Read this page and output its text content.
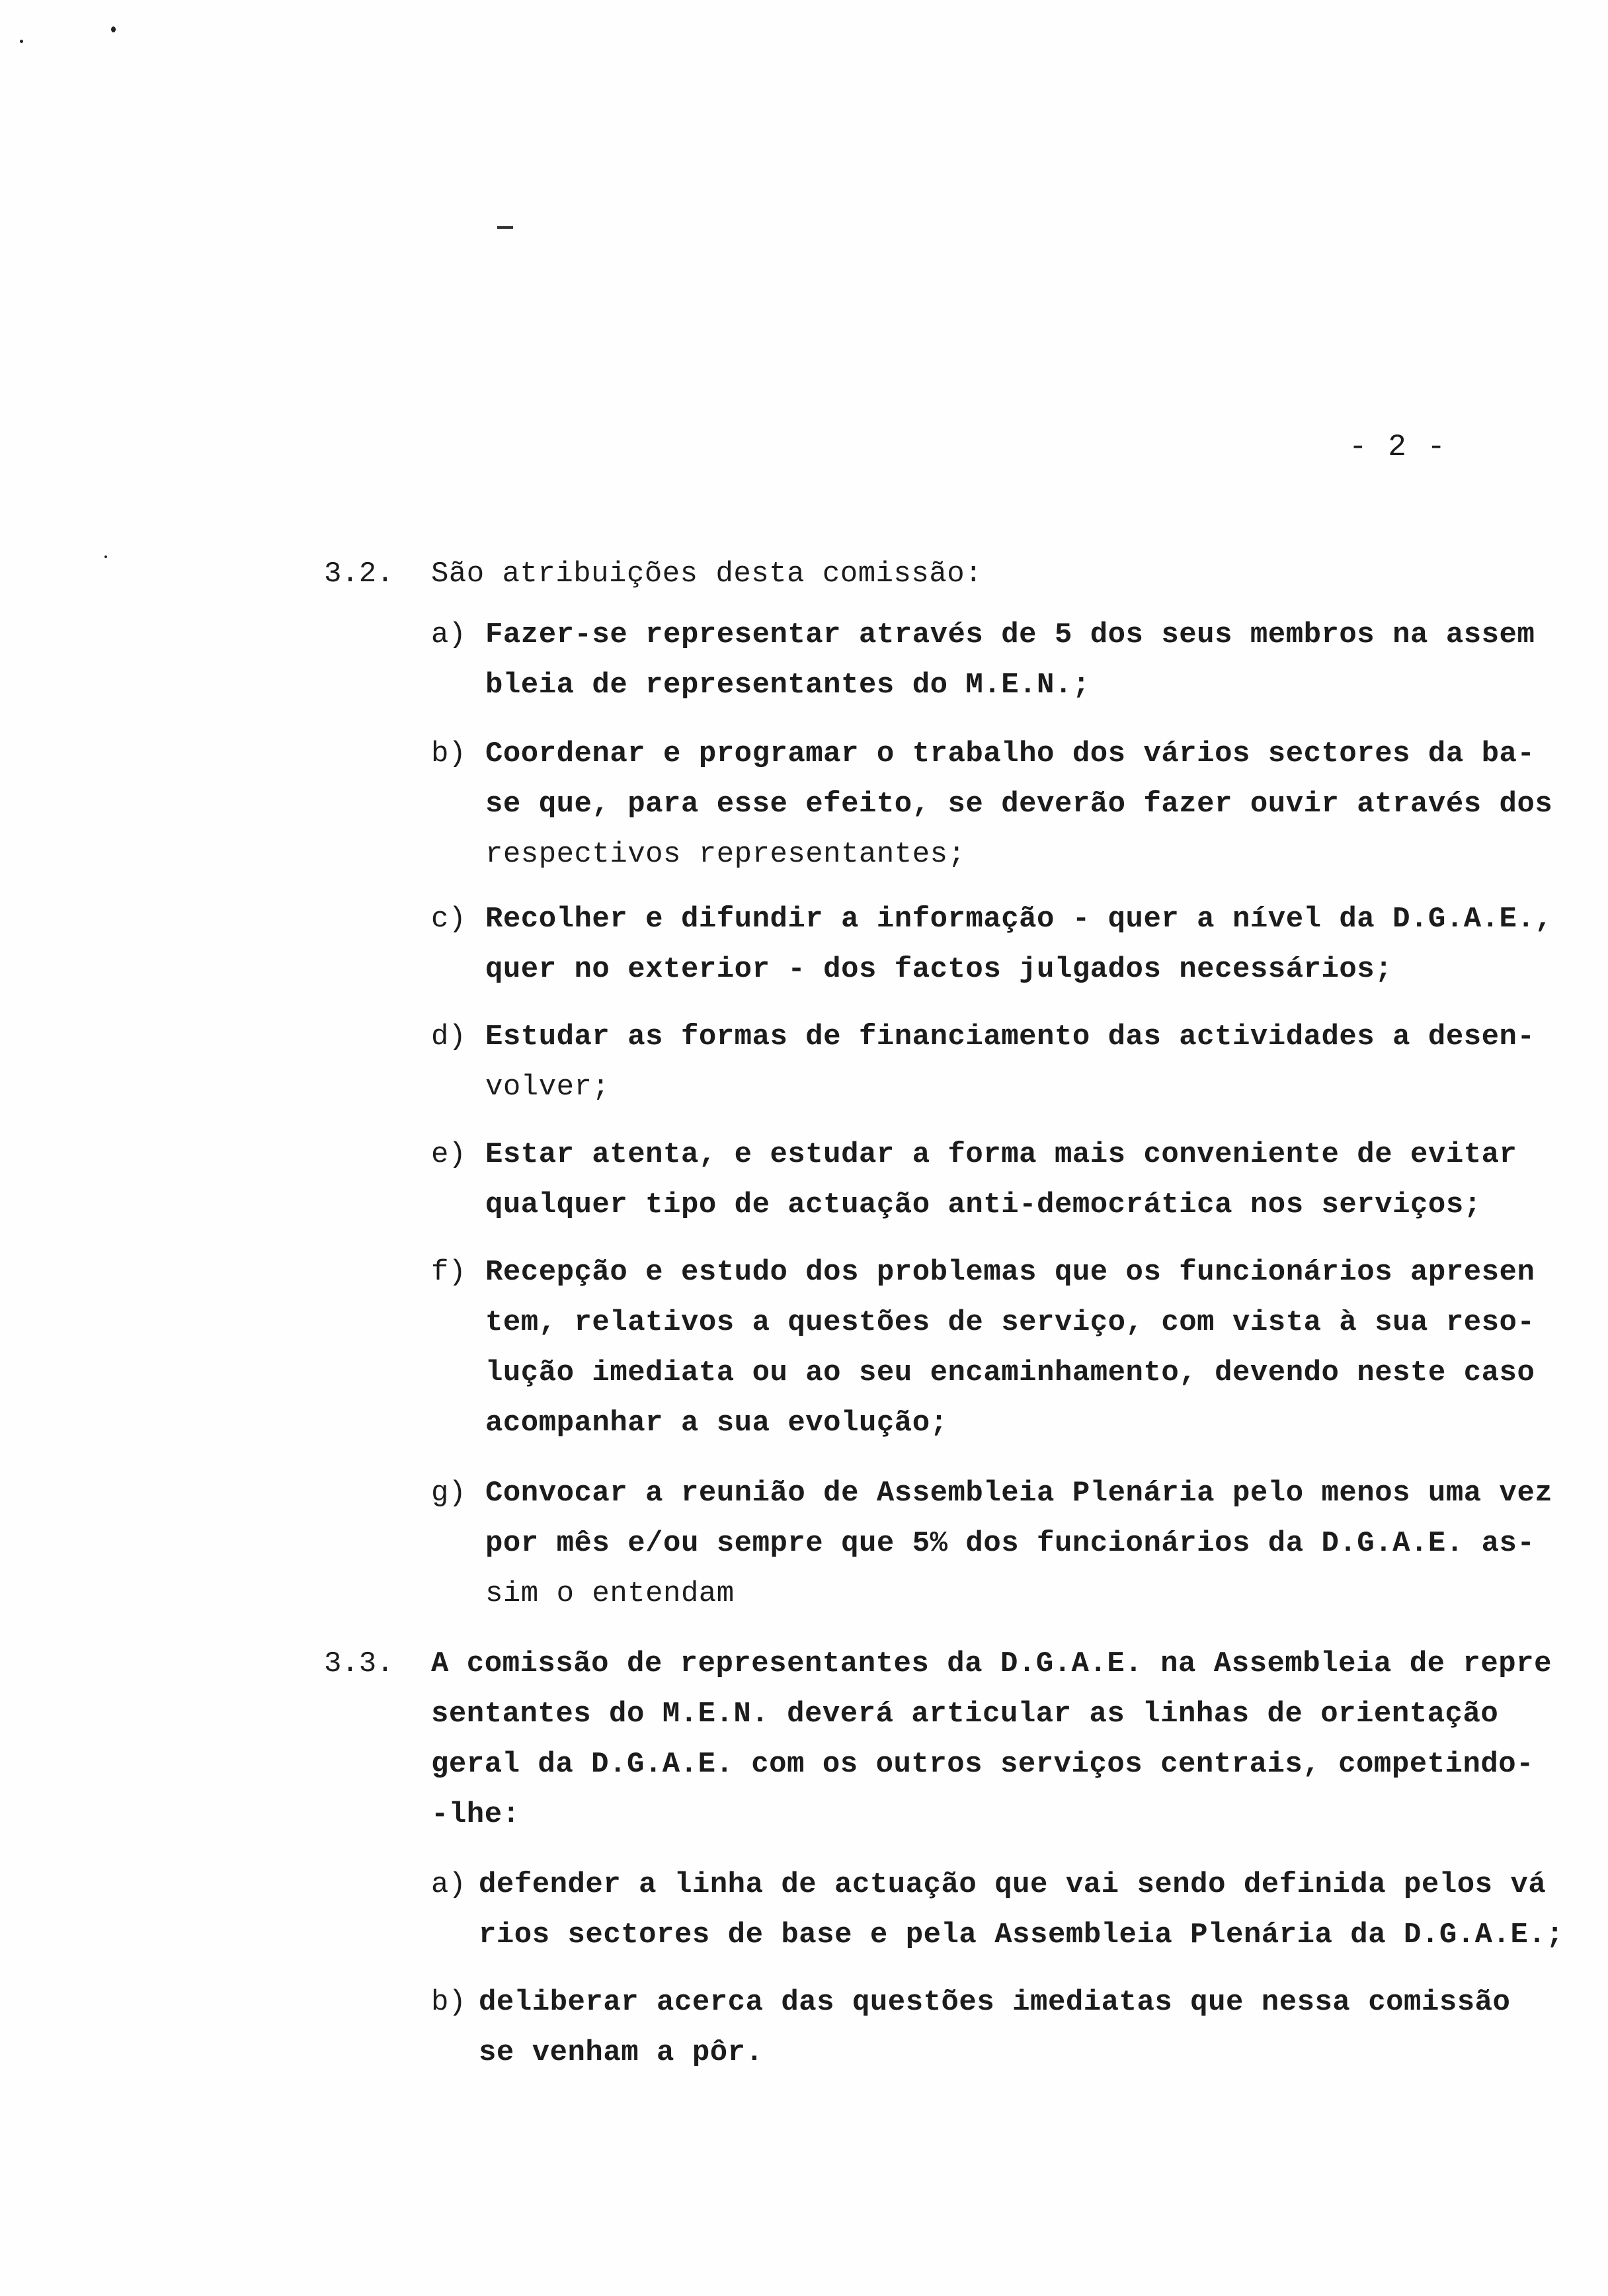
- 2 -
3.2. São atribuições desta comissão:
a) Fazer-se representar através de 5 dos seus membros na assem
bleia de representantes do M.E.N.;
b) Coordenar e programar o trabalho dos vários sectores da ba-
se que, para esse efeito, se deverão fazer ouvir através dos
respectivos representantes;
c) Recolher e difundir a informação - quer a nível da D.G.A.E.,
quer no exterior - dos factos julgados necessários;
d) Estudar as formas de financiamento das actividades a desen-
volver;
e) Estar atenta, e estudar a forma mais conveniente de evitar
qualquer tipo de actuação anti-democrática nos serviços;
f) Recepção e estudo dos problemas que os funcionários apresen
tem, relativos a questões de serviço, com vista à sua reso-
lução imediata ou ao seu encaminhamento, devendo neste caso
acompanhar a sua evolução;
g) Convocar a reunião de Assembleia Plenária pelo menos uma vez
por mês e/ou sempre que 5% dos funcionários da D.G.A.E. as-
sim o entendam
3.3. A comissão de representantes da D.G.A.E. na Assembleia de repre
sentantes do M.E.N. deverá articular as linhas de orientação
geral da D.G.A.E. com os outros serviços centrais, competindo-
-lhe:
a) defender a linha de actuação que vai sendo definida pelos vá
rios sectores de base e pela Assembleia Plenária da D.G.A.E.;
b) deliberar acerca das questões imediatas que nessa comissão
se venham a pôr.
